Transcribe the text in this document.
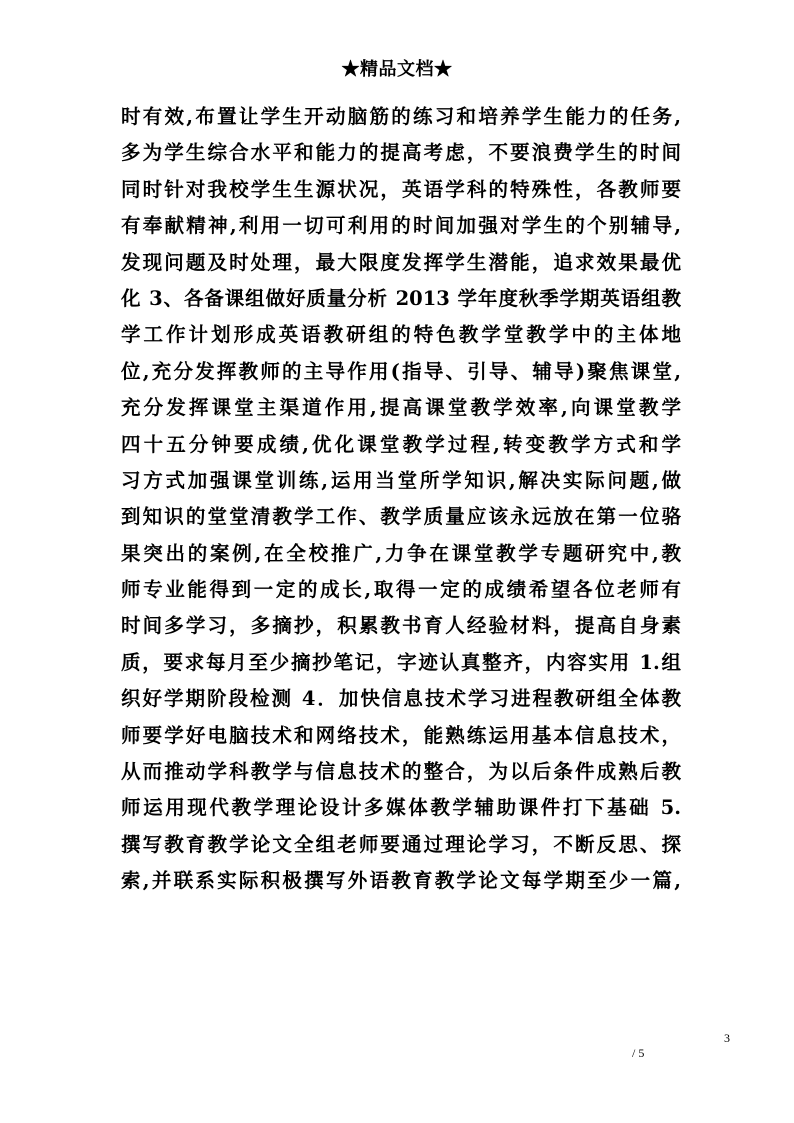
★精品文档★
时有效,布置让学生开动脑筋的练习和培养学生能力的任务,
多为学生综合水平和能力的提高考虑，不要浪费学生的时间
同时针对我校学生生源状况，英语学科的特殊性，各教师要
有奉献精神,利用一切可利用的时间加强对学生的个别辅导,
发现问题及时处理，最大限度发挥学生潜能，追求效果最优
化 3、各备课组做好质量分析 2013 学年度秋季学期英语组教
学工作计划形成英语教研组的特色教学堂教学中的主体地
位,充分发挥教师的主导作用(指导、引导、辅导)聚焦课堂,
充分发挥课堂主渠道作用,提高课堂教学效率,向课堂教学
四十五分钟要成绩,优化课堂教学过程,转变教学方式和学
习方式加强课堂训练,运用当堂所学知识,解决实际问题,做
到知识的堂堂清教学工作、教学质量应该永远放在第一位骆
果突出的案例,在全校推广,力争在课堂教学专题研究中,教
师专业能得到一定的成长,取得一定的成绩希望各位老师有
时间多学习，多摘抄，积累教书育人经验材料，提高自身素
质，要求每月至少摘抄笔记，字迹认真整齐，内容实用 1.组
织好学期阶段检测 4．加快信息技术学习进程教研组全体教
师要学好电脑技术和网络技术，能熟练运用基本信息技术，
从而推动学科教学与信息技术的整合，为以后条件成熟后教
师运用现代教学理论设计多媒体教学辅助课件打下基础 5.
撰写教育教学论文全组老师要通过理论学习，不断反思、探
索,并联系实际积极撰写外语教育教学论文每学期至少一篇,
3
/ 5
